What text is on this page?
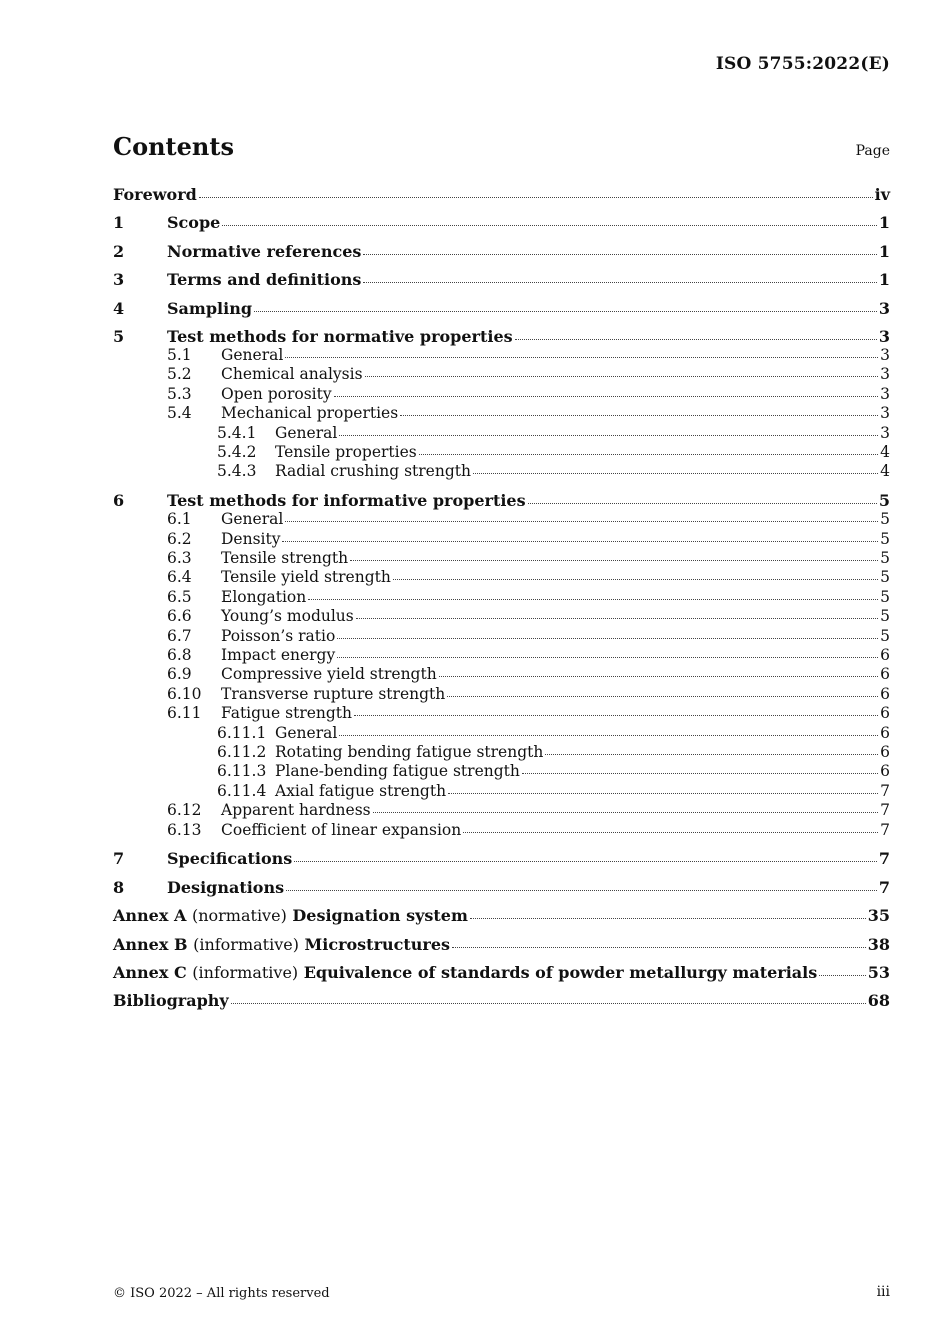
ISO 5755:2022(E)
Contents	Page
Foreword	iv
1	Scope	1
2	Normative references	1
3	Terms and definitions	1
4	Sampling	3
5	Test methods for normative properties	3
5.1	General	3
5.2	Chemical analysis	3
5.3	Open porosity	3
5.4	Mechanical properties	3
5.4.1	General	3
5.4.2	Tensile properties	4
5.4.3	Radial crushing strength	4
6	Test methods for informative properties	5
6.1	General	5
6.2	Density	5
6.3	Tensile strength	5
6.4	Tensile yield strength	5
6.5	Elongation	5
6.6	Young’s modulus	5
6.7	Poisson’s ratio	5
6.8	Impact energy	6
6.9	Compressive yield strength	6
6.10	Transverse rupture strength	6
6.11	Fatigue strength	6
6.11.1 General	6
6.11.2 Rotating bending fatigue strength	6
6.11.3 Plane-bending fatigue strength	6
6.11.4 Axial fatigue strength	7
6.12	Apparent hardness	7
6.13	Coefficient of linear expansion	7
7	Specifications	7
8	Designations	7
Annex A (normative) Designation system	35
Annex B (informative) Microstructures	38
Annex C (informative) Equivalence of standards of powder metallurgy materials	53
Bibliography	68
© ISO 2022 – All rights reserved	iii
